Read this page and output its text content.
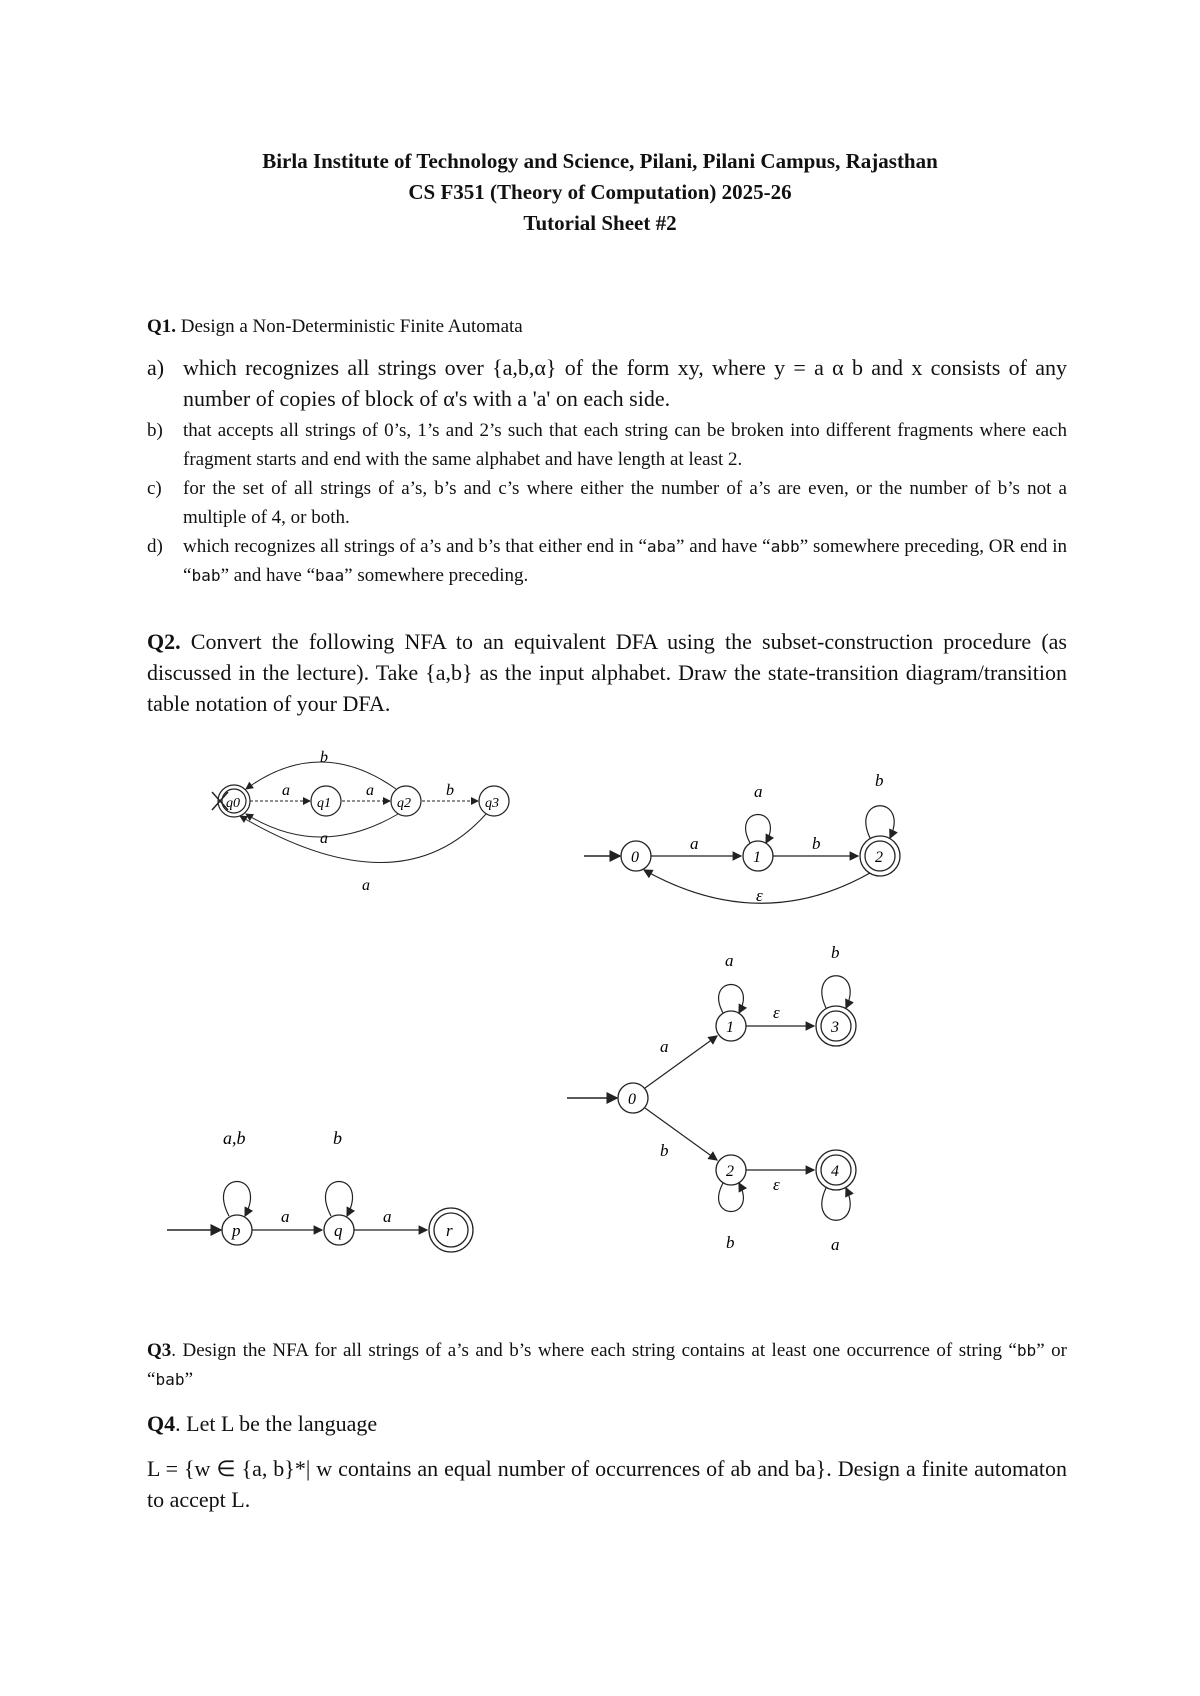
Birla Institute of Technology and Science, Pilani, Pilani Campus, Rajasthan
CS F351 (Theory of Computation) 2025-26
Tutorial Sheet #2
Q1. Design a Non-Deterministic Finite Automata
a) which recognizes all strings over {a,b,α} of the form xy, where y = a α b and x consists of any number of copies of block of α's with a 'a' on each side.
b)	that accepts all strings of 0’s, 1’s and 2’s such that each string can be broken into different fragments where each fragment starts and end with the same alphabet and have length at least 2.
c)	for the set of all strings of a’s, b’s and c’s where either the number of a’s are even, or the number of b’s not a multiple of 4, or both.
d)	which recognizes all strings of a’s and b’s that either end in “aba” and have “abb” somewhere preceding, OR end in “bab” and have “baa” somewhere preceding.
Q2. Convert the following NFA to an equivalent DFA using the subset-construction procedure (as discussed in the lecture). Take {a,b} as the input alphabet. Draw the state-transition diagram/transition table notation of your DFA.
q0	q1	q2	q3
a	a	b
b
a
a
0	1	2
a	b
a
b
ε
0
1	3
2	4
a
b
ε
ε
a	b
b	a
p	q	r
a	a
a,b	b
Q3. Design the NFA for all strings of a’s and b’s where each string contains at least one occurrence of string “bb” or “bab”
Q4. Let L be the language
L = {w ∈ {a, b}*| w contains an equal number of occurrences of ab and ba}. Design a finite automaton to accept L.
